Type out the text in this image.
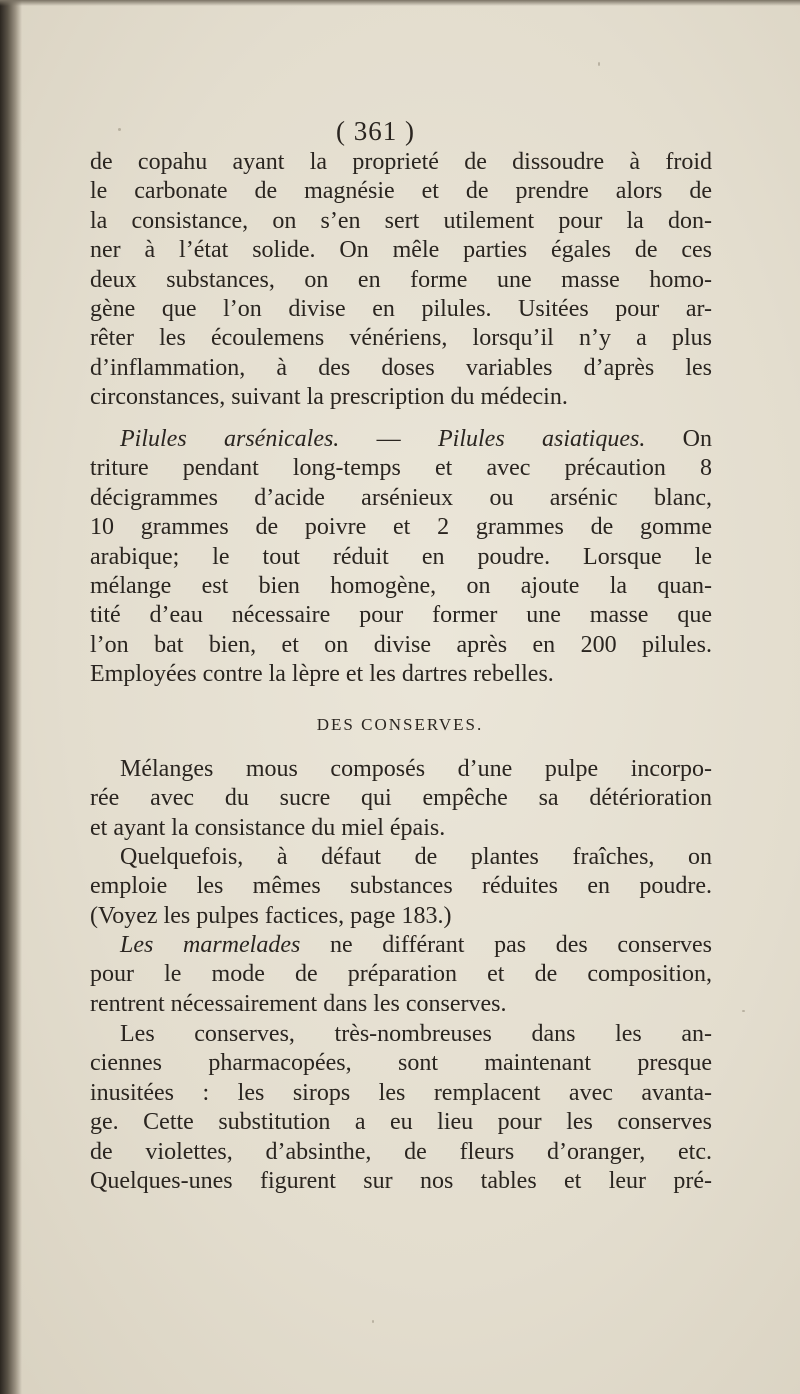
( 361 )
de copahu ayant la proprieté de dissoudre à froid
le carbonate de magnésie et de prendre alors de
la consistance, on s’en sert utilement pour la don-
ner à l’état solide. On mêle parties égales de ces
deux substances, on en forme une masse homo-
gène que l’on divise en pilules. Usitées pour ar-
rêter les écoulemens vénériens, lorsqu’il n’y a plus
d’inflammation, à des doses variables d’après les
circonstances, suivant la prescription du médecin.
Pilules arsénicales. — Pilules asiatiques. On
triture pendant long-temps et avec précaution 8
décigrammes d’acide arsénieux ou arsénic blanc,
10 grammes de poivre et 2 grammes de gomme
arabique; le tout réduit en poudre. Lorsque le
mélange est bien homogène, on ajoute la quan-
tité d’eau nécessaire pour former une masse que
l’on bat bien, et on divise après en 200 pilules.
Employées contre la lèpre et les dartres rebelles.
DES CONSERVES.
Mélanges mous composés d’une pulpe incorpo-
rée avec du sucre qui empêche sa détérioration
et ayant la consistance du miel épais.
Quelquefois, à défaut de plantes fraîches, on
emploie les mêmes substances réduites en poudre.
(Voyez les pulpes factices, page 183.)
Les marmelades ne différant pas des conserves
pour le mode de préparation et de composition,
rentrent nécessairement dans les conserves.
Les conserves, très-nombreuses dans les an-
ciennes pharmacopées, sont maintenant presque
inusitées : les sirops les remplacent avec avanta-
ge. Cette substitution a eu lieu pour les conserves
de violettes, d’absinthe, de fleurs d’oranger, etc.
Quelques-unes figurent sur nos tables et leur pré-
